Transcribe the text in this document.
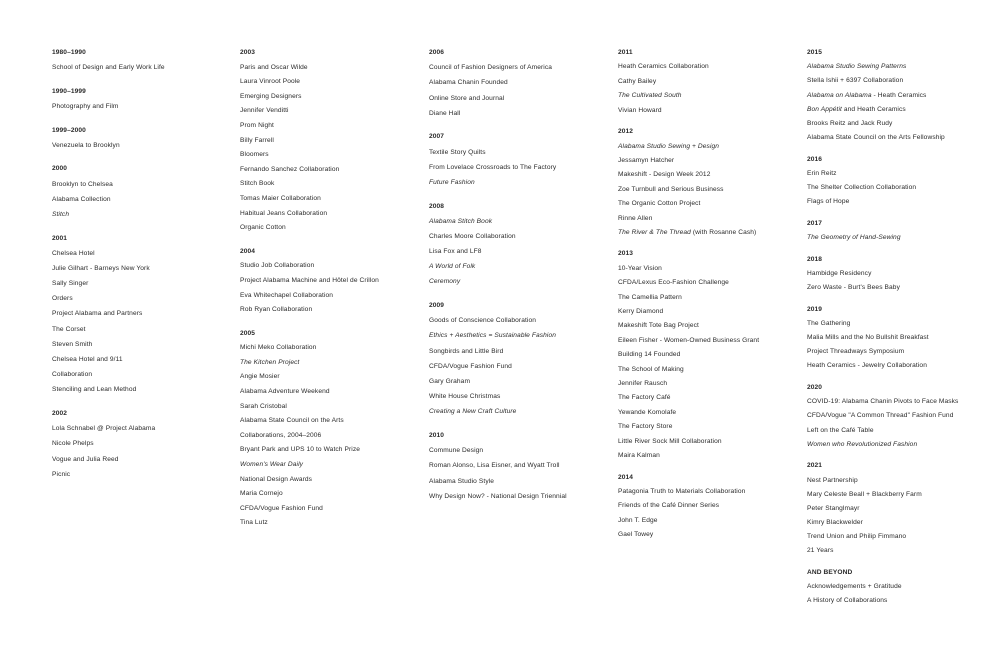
1980–1990
School of Design and Early Work Life
1990–1999
Photography and Film
1999–2000
Venezuela to Brooklyn
2000
Brooklyn to Chelsea
Alabama Collection
Stitch
2001
Chelsea Hotel
Julie Gilhart - Barneys New York
Sally Singer
Orders
Project Alabama and Partners
The Corset
Steven Smith
Chelsea Hotel and 9/11
Collaboration
Stenciling and Lean Method
2002
Lola Schnabel @ Project Alabama
Nicole Phelps
Vogue and Julia Reed
Picnic
2003
Paris and Oscar Wilde
Laura Vinroot Poole
Emerging Designers
Jennifer Venditti
Prom Night
Billy Farrell
Bloomers
Fernando Sanchez Collaboration
Stitch Book
Tomas Maier Collaboration
Habitual Jeans Collaboration
Organic Cotton
2004
Studio Job Collaboration
Project Alabama Machine and Hôtel de Crillon
Eva Whitechapel Collaboration
Rob Ryan Collaboration
2005
Michi Meko Collaboration
The Kitchen Project
Angie Mosier
Alabama Adventure Weekend
Sarah Cristobal
Alabama State Council on the Arts
Collaborations, 2004–2006
Bryant Park and UPS 10 to Watch Prize
Women's Wear Daily
National Design Awards
Maria Cornejo
CFDA/Vogue Fashion Fund
Tina Lutz
2006
Council of Fashion Designers of America
Alabama Chanin Founded
Online Store and Journal
Diane Hall
2007
Textile Story Quilts
From Lovelace Crossroads to The Factory
Future Fashion
2008
Alabama Stitch Book
Charles Moore Collaboration
Lisa Fox and LF8
A World of Folk
Ceremony
2009
Goods of Conscience Collaboration
Ethics + Aesthetics = Sustainable Fashion
Songbirds and Little Bird
CFDA/Vogue Fashion Fund
Gary Graham
White House Christmas
Creating a New Craft Culture
2010
Commune Design
Roman Alonso, Lisa Eisner, and Wyatt Troll
Alabama Studio Style
Why Design Now? - National Design Triennial
2011
Heath Ceramics Collaboration
Cathy Bailey
The Cultivated South
Vivian Howard
2012
Alabama Studio Sewing + Design
Jessamyn Hatcher
Makeshift - Design Week 2012
Zoe Turnbull and Serious Business
The Organic Cotton Project
Rinne Allen
The River & The Thread (with Rosanne Cash)
2013
10-Year Vision
CFDA/Lexus Eco-Fashion Challenge
The Camellia Pattern
Kerry Diamond
Makeshift Tote Bag Project
Eileen Fisher - Women-Owned Business Grant
Building 14 Founded
The School of Making
Jennifer Rausch
The Factory Café
Yewande Komolafe
The Factory Store
Little River Sock Mill Collaboration
Maira Kalman
2014
Patagonia Truth to Materials Collaboration
Friends of the Café Dinner Series
John T. Edge
Gael Towey
2015
Alabama Studio Sewing Patterns
Stella Ishii + 6397 Collaboration
Alabama on Alabama - Heath Ceramics
Bon Appétit and Heath Ceramics
Brooks Reitz and Jack Rudy
Alabama State Council on the Arts Fellowship
2016
Erin Reitz
The Shelter Collection Collaboration
Flags of Hope
2017
The Geometry of Hand-Sewing
2018
Hambidge Residency
Zero Waste - Burt's Bees Baby
2019
The Gathering
Malia Mills and the No Bullshit Breakfast
Project Threadways Symposium
Heath Ceramics - Jewelry Collaboration
2020
COVID-19: Alabama Chanin Pivots to Face Masks
CFDA/Vogue "A Common Thread" Fashion Fund
Left on the Café Table
Women who Revolutionized Fashion
2021
Nest Partnership
Mary Celeste Beall + Blackberry Farm
Peter Stanglmayr
Kimry Blackwelder
Trend Union and Philip Fimmano
21 Years
AND BEYOND
Acknowledgements + Gratitude
A History of Collaborations
